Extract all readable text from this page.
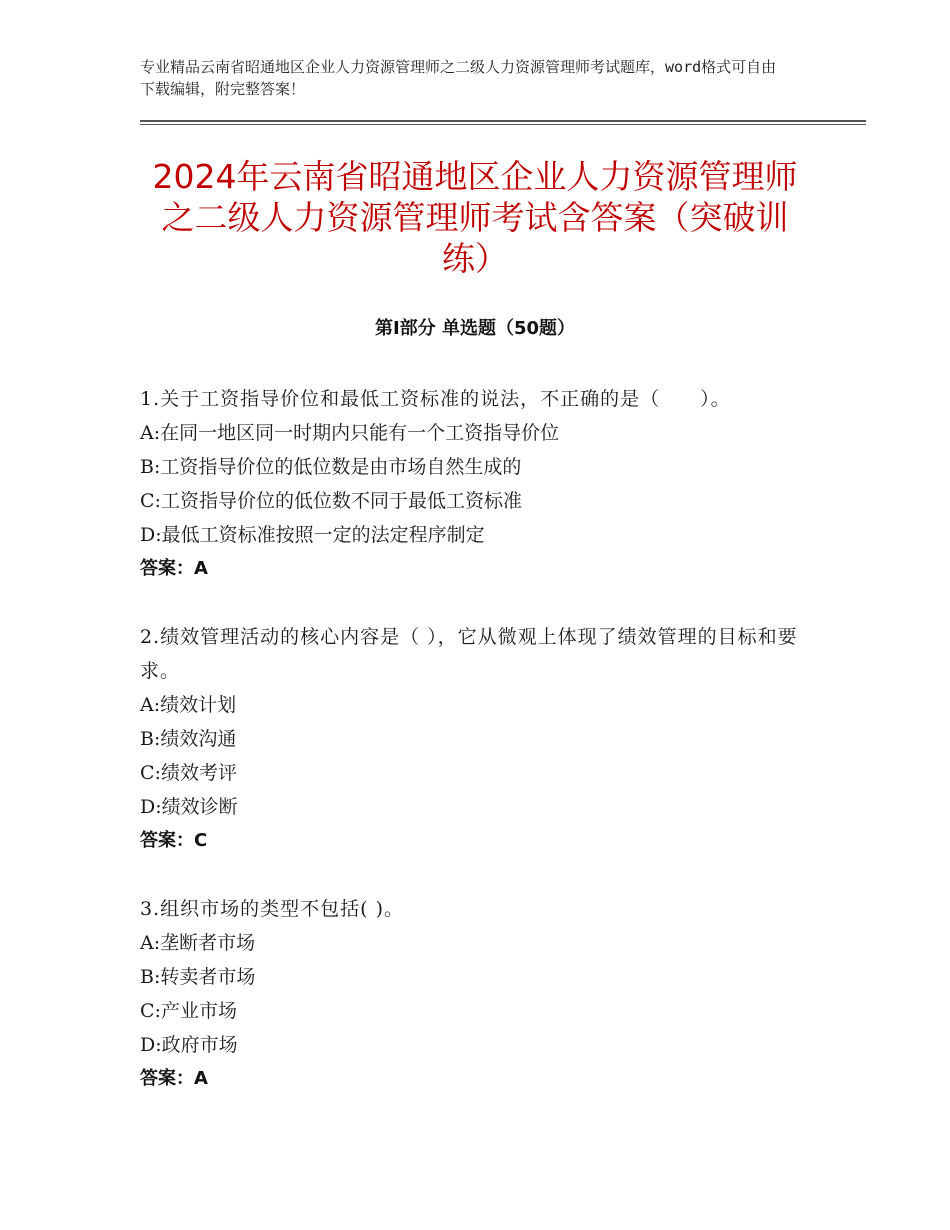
专业精品云南省昭通地区企业人力资源管理师之二级人力资源管理师考试题库，word格式可自由下载编辑，附完整答案！
2024年云南省昭通地区企业人力资源管理师之二级人力资源管理师考试含答案（突破训练）
第Ⅰ部分 单选题（50题）
1.关于工资指导价位和最低工资标准的说法，不正确的是（　　）。
A:在同一地区同一时期内只能有一个工资指导价位
B:工资指导价位的低位数是由市场自然生成的
C:工资指导价位的低位数不同于最低工资标准
D:最低工资标准按照一定的法定程序制定
答案：A
2.绩效管理活动的核心内容是（ ），它从微观上体现了绩效管理的目标和要求。
A:绩效计划
B:绩效沟通
C:绩效考评
D:绩效诊断
答案：C
3.组织市场的类型不包括( )。
A:垄断者市场
B:转卖者市场
C:产业市场
D:政府市场
答案：A
